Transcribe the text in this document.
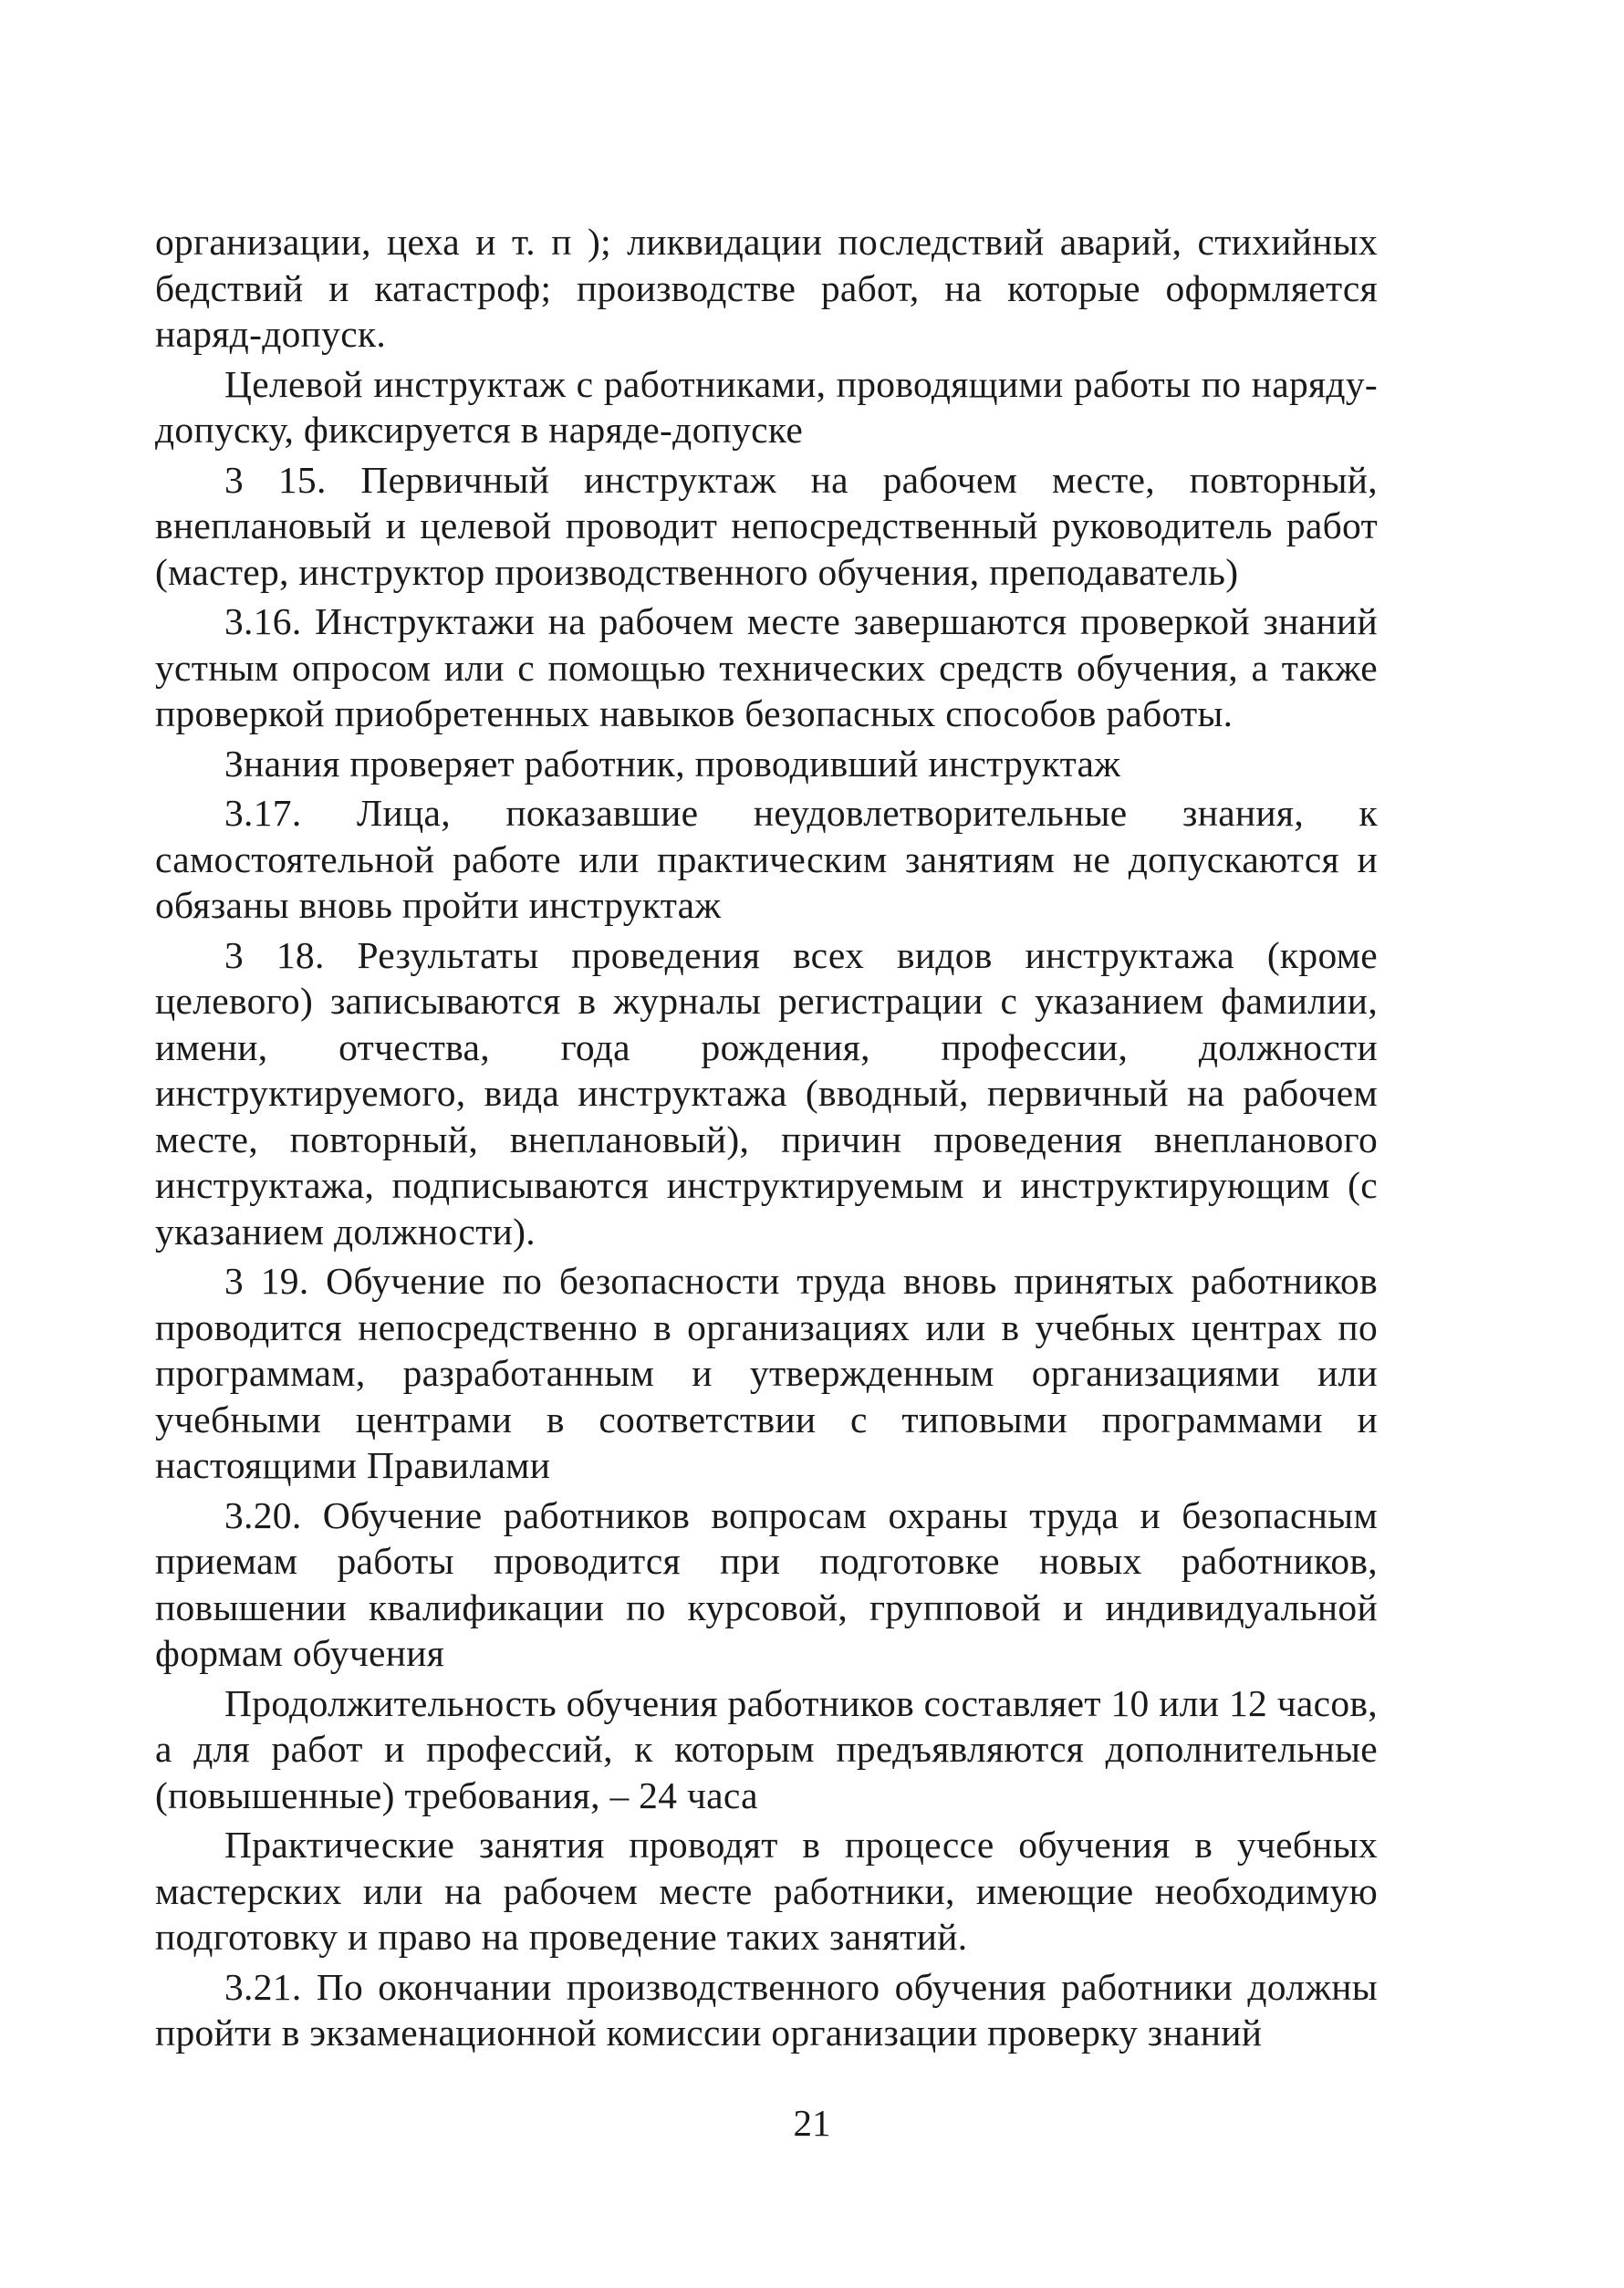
организации, цеха и т. п ); ликвидации последствий аварий, стихийных бедствий и катастроф; производстве работ, на которые оформляется наряд-допуск.

Целевой инструктаж с работниками, проводящими работы по наряду-допуску, фиксируется в наряде-допуске

3 15. Первичный инструктаж на рабочем месте, повторный, внеплановый и целевой проводит непосредственный руководитель работ (мастер, инструктор производственного обучения, преподаватель)

3.16. Инструктажи на рабочем месте завершаются проверкой знаний устным опросом или с помощью технических средств обучения, а также проверкой приобретенных навыков безопасных способов работы.

Знания проверяет работник, проводивший инструктаж

3.17. Лица, показавшие неудовлетворительные знания, к самостоятельной работе или практическим занятиям не допускаются и обязаны вновь пройти инструктаж

3 18. Результаты проведения всех видов инструктажа (кроме целевого) записываются в журналы регистрации с указанием фамилии, имени, отчества, года рождения, профессии, должности инструктируемого, вида инструктажа (вводный, первичный на рабочем месте, повторный, внеплановый), причин проведения внепланового инструктажа, подписываются инструктируемым и инструктирующим (с указанием должности).

3 19. Обучение по безопасности труда вновь принятых работников проводится непосредственно в организациях или в учебных центрах по программам, разработанным и утвержденным организациями или учебными центрами в соответствии с типовыми программами и настоящими Правилами

3.20. Обучение работников вопросам охраны труда и безопасным приемам работы проводится при подготовке новых работников, повышении квалификации по курсовой, групповой и индивидуальной формам обучения

Продолжительность обучения работников составляет 10 или 12 часов, а для работ и профессий, к которым предъявляются дополнительные (повышенные) требования, – 24 часа

Практические занятия проводят в процессе обучения в учебных мастерских или на рабочем месте работники, имеющие необходимую подготовку и право на проведение таких занятий.

3.21. По окончании производственного обучения работники должны пройти в экзаменационной комиссии организации проверку знаний

21
